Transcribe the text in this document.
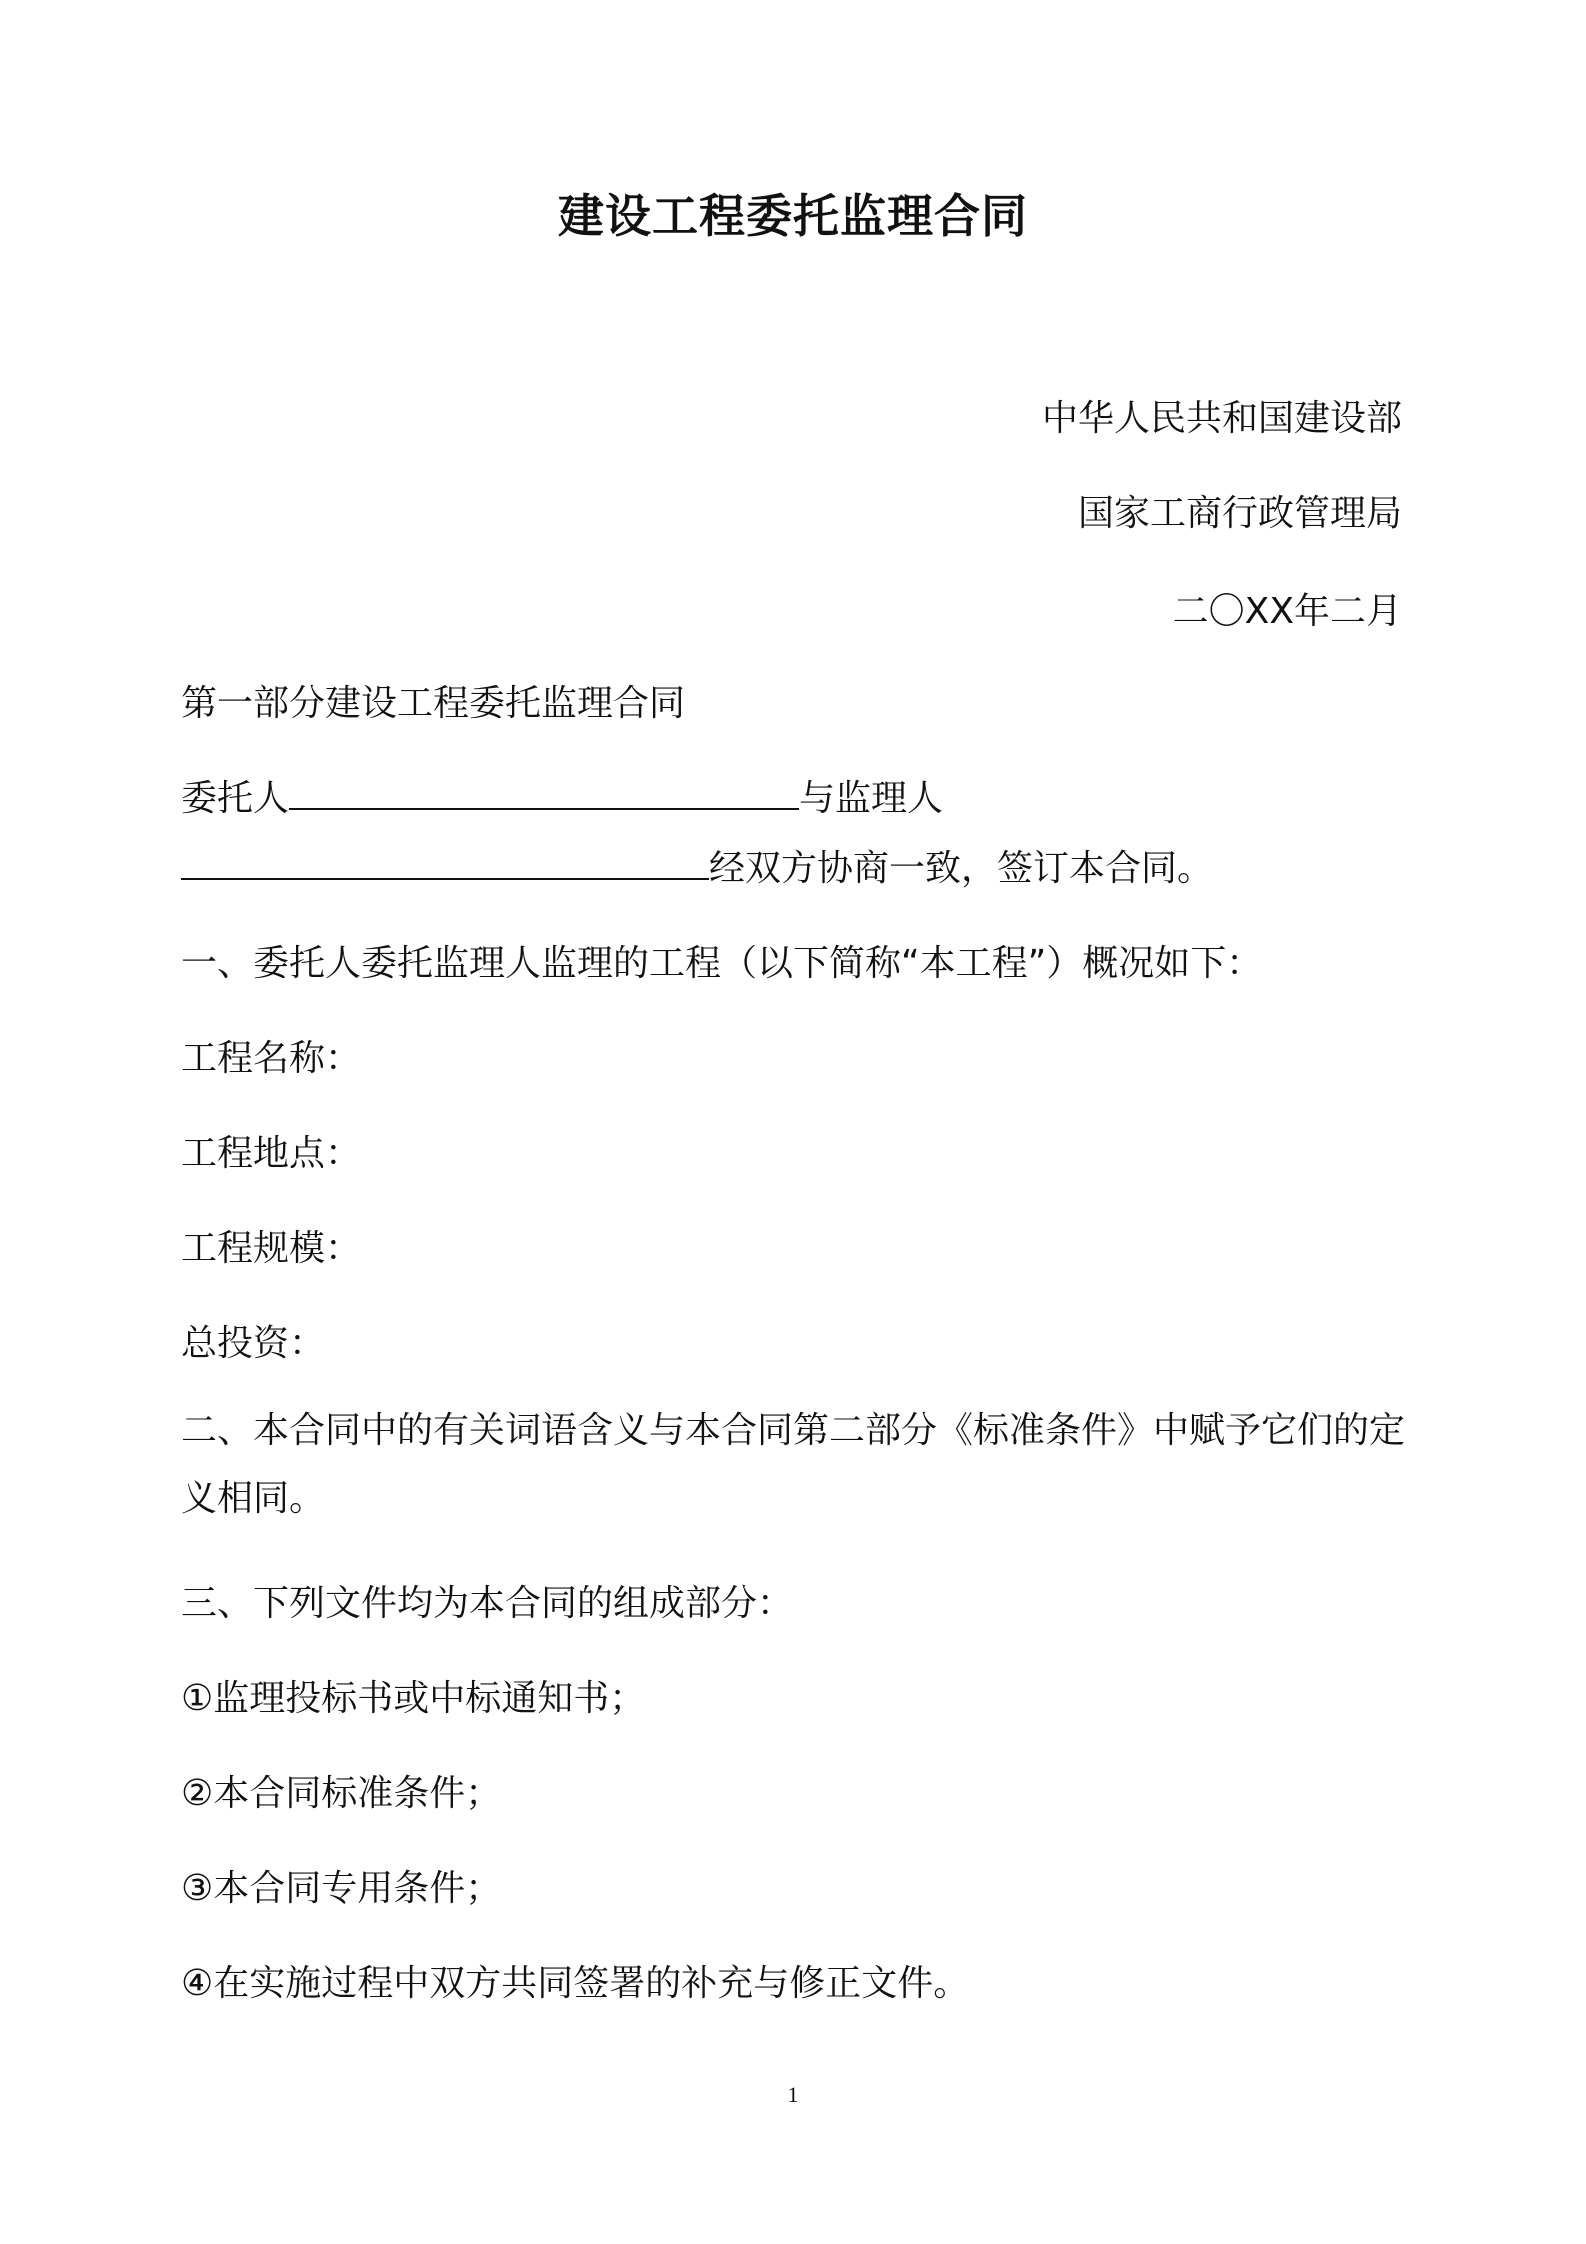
建设工程委托监理合同
中华人民共和国建设部
国家工商行政管理局
二〇XX年二月
第一部分建设工程委托监理合同
委托人	与监理人
经双方协商一致，签订本合同。
一、委托人委托监理人监理的工程（以下简称“本工程”）概况如下：
工程名称：
工程地点：
工程规模：
总投资：
二、本合同中的有关词语含义与本合同第二部分《标准条件》中赋予它们的定义相同。
三、下列文件均为本合同的组成部分：
①监理投标书或中标通知书；
②本合同标准条件；
③本合同专用条件；
④在实施过程中双方共同签署的补充与修正文件。
1
